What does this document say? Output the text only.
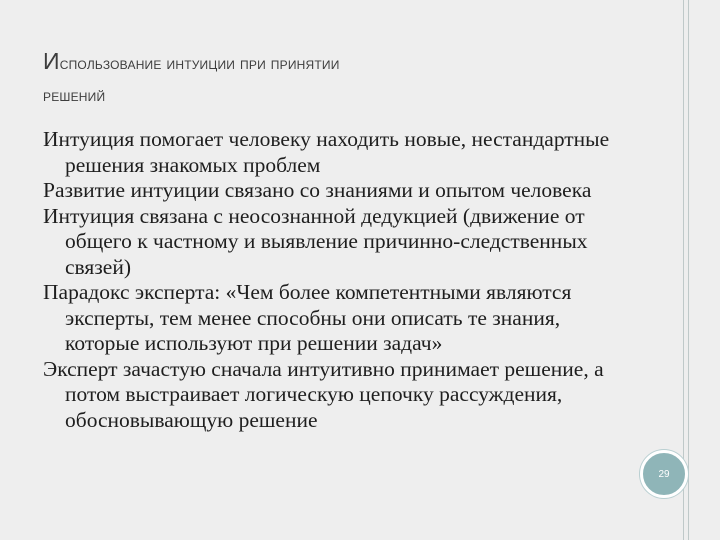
Использование интуиции при принятии
решений

Интуиция помогает человеку находить новые, нестандартные решения знакомых проблем

Развитие интуиции связано со знаниями и опытом человека

Интуиция связана с неосознанной дедукцией (движение от общего к частному и выявление причинно-следственных связей)

Парадокс эксперта: «Чем более компетентными являются эксперты, тем менее способны они описать те знания, которые используют при решении задач»

Эксперт зачастую сначала интуитивно принимает решение, а потом выстраивает логическую цепочку рассуждения, обосновывающую решение

29
